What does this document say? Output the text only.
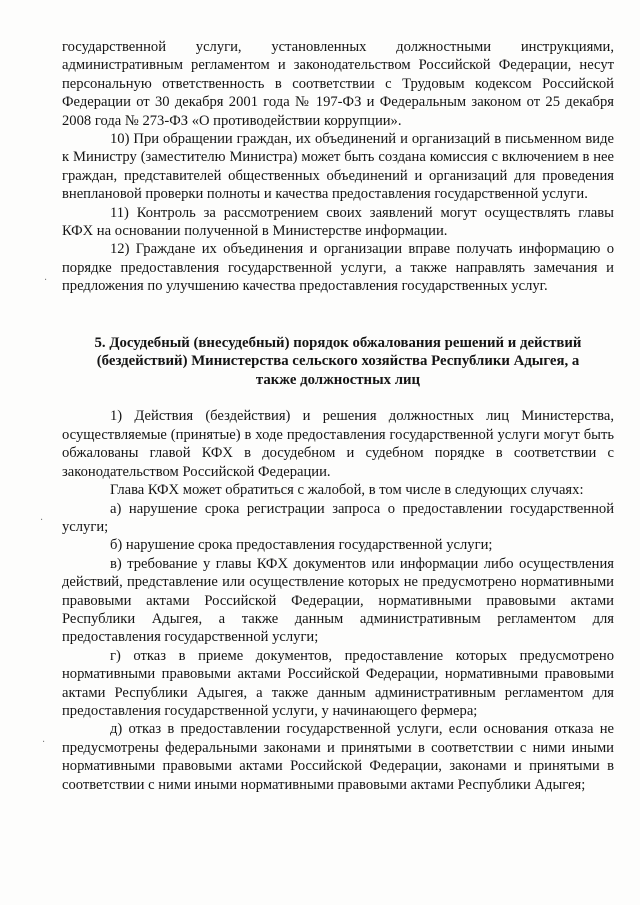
.
.
.

государственной услуги, установленных должностными инструкциями, административным регламентом и законодательством Российской Федерации, несут персональную ответственность в соответствии с Трудовым кодексом Российской Федерации от 30 декабря 2001 года № 197-ФЗ и Федеральным законом от 25 декабря 2008 года № 273-ФЗ «О противодействии коррупции».

10) При обращении граждан, их объединений и организаций в письменном виде к Министру (заместителю Министра) может быть создана комиссия с включением в нее граждан, представителей общественных объединений и организаций для проведения внеплановой проверки полноты и качества предоставления государственной услуги.

11) Контроль за рассмотрением своих заявлений могут осуществлять главы КФХ на основании полученной в Министерстве информации.

12) Граждане их объединения и организации вправе получать информацию о порядке предоставления государственной услуги, а также направлять замечания и предложения по улучшению качества предоставления государственных услуг.

5. Досудебный (внесудебный) порядок обжалования решений и действий (бездействий) Министерства сельского хозяйства Республики Адыгея, а также должностных лиц

1) Действия (бездействия) и решения должностных лиц Министерства, осуществляемые (принятые) в ходе предоставления государственной услуги могут быть обжалованы главой КФХ в досудебном и судебном порядке в соответствии с законодательством Российской Федерации.

Глава КФХ может обратиться с жалобой, в том числе в следующих случаях:

а) нарушение срока регистрации запроса о предоставлении государственной услуги;

б) нарушение срока предоставления государственной услуги;

в) требование у главы КФХ документов или информации либо осуществления действий, представление или осуществление которых не предусмотрено нормативными правовыми актами Российской Федерации, нормативными правовыми актами Республики Адыгея, а также данным административным регламентом для предоставления государственной услуги;

г) отказ в приеме документов, предоставление которых предусмотрено нормативными правовыми актами Российской Федерации, нормативными правовыми актами Республики Адыгея, а также данным административным регламентом для предоставления государственной услуги, у начинающего фермера;

д) отказ в предоставлении государственной услуги, если основания отказа не предусмотрены федеральными законами и принятыми в соответствии с ними иными нормативными правовыми актами Российской Федерации, законами и принятыми в соответствии с ними иными нормативными правовыми актами Республики Адыгея;
